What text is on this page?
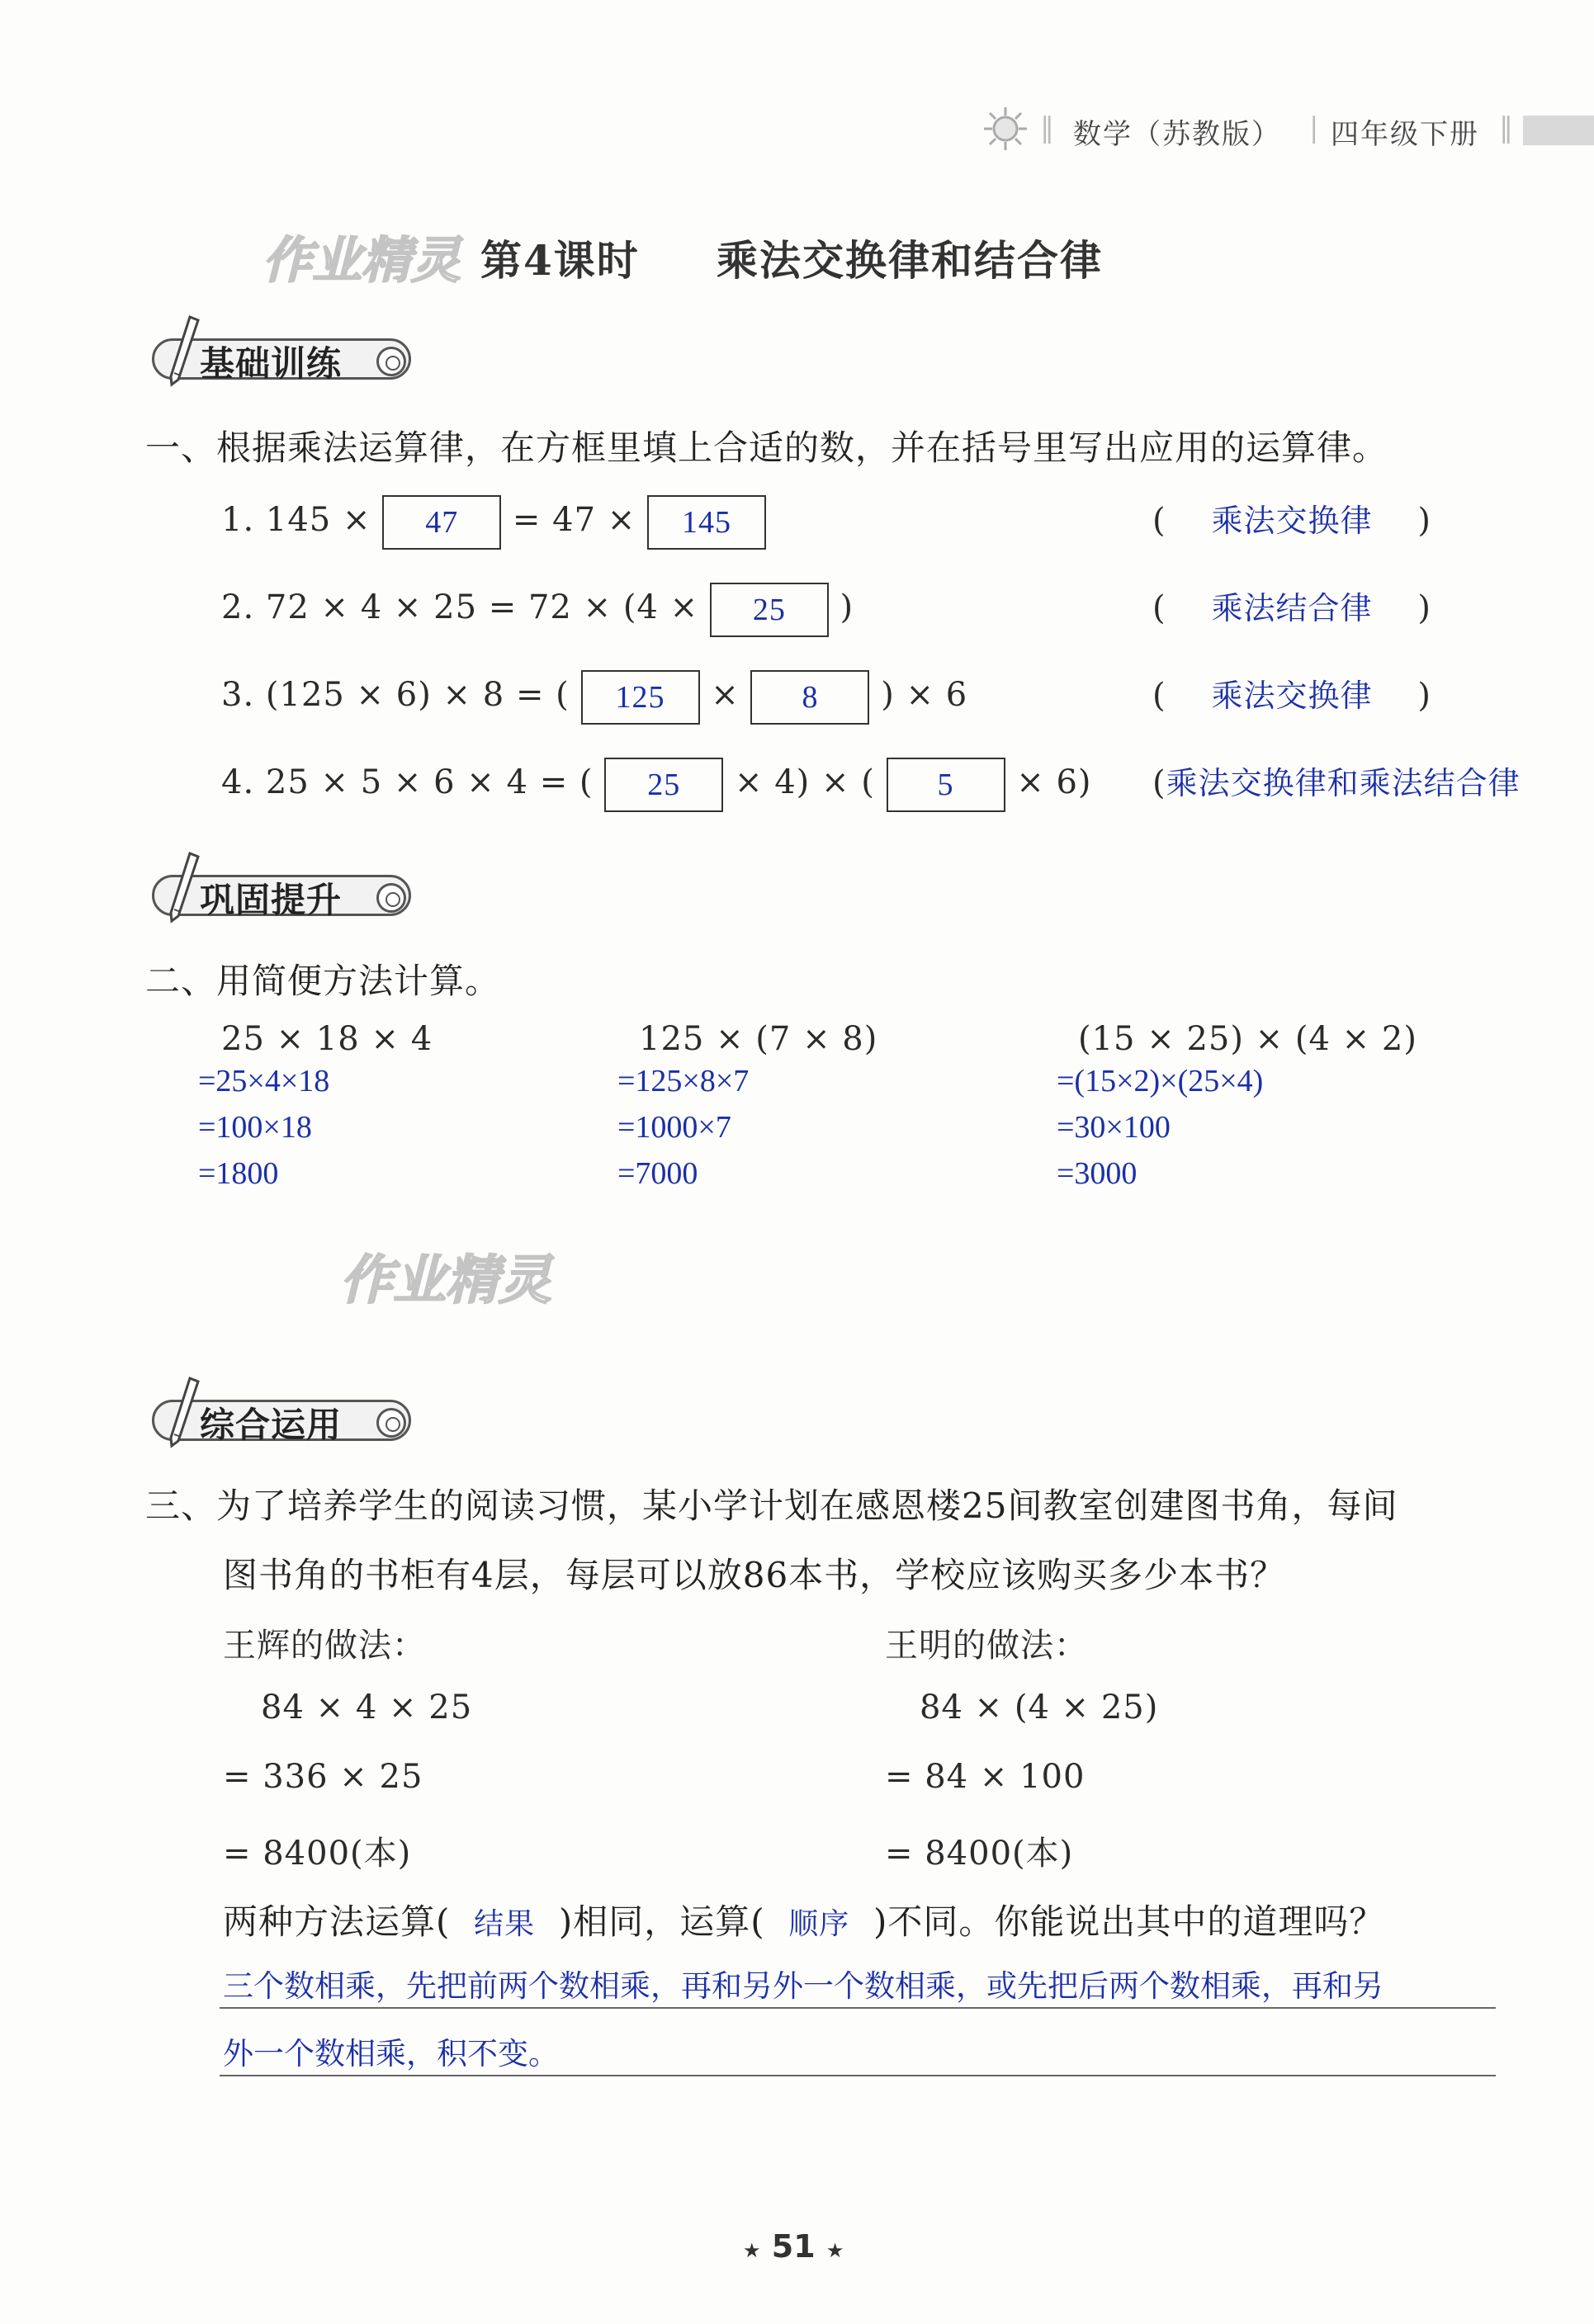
‖ 数学（苏教版） | 四年级下册 ‖
作业精灵 第4课时 乘法交换律和结合律
基础训练
一、根据乘法运算律，在方框里填上合适的数，并在括号里写出应用的运算律。
1. 145 × 47 = 47 × 145
2. 72 × 4 × 25 = 72 × (4 × 25 )
3. (125 × 6) × 8 = ( 125 × 8 ) × 6
4. 25 × 5 × 6 × 4 = ( 25 × 4) × ( 5 × 6)
(    乘法交换律    )
(    乘法结合律    )
(    乘法交换律    )
(乘法交换律和乘法结合律
巩固提升
二、用简便方法计算。
25 × 18 × 4
=25×4×18
=100×18
=1800
125 × (7 × 8)
=125×8×7
=1000×7
=7000
(15 × 25) × (4 × 2)
=(15×2)×(25×4)
=30×100
=3000
作业精灵
综合运用
三、为了培养学生的阅读习惯，某小学计划在感恩楼25间教室创建图书角，每间
图书角的书柜有4层，每层可以放86本书，学校应该购买多少本书？
王辉的做法：
84 × 4 × 25
= 336 × 25
= 8400(本)
王明的做法：
84 × (4 × 25)
= 84 × 100
= 8400(本)
两种方法运算( 结果 )相同，运算( 顺序 )不同。你能说出其中的道理吗？
三个数相乘，先把前两个数相乘，再和另外一个数相乘，或先把后两个数相乘，再和另
外一个数相乘，积不变。
★ 51 ★
